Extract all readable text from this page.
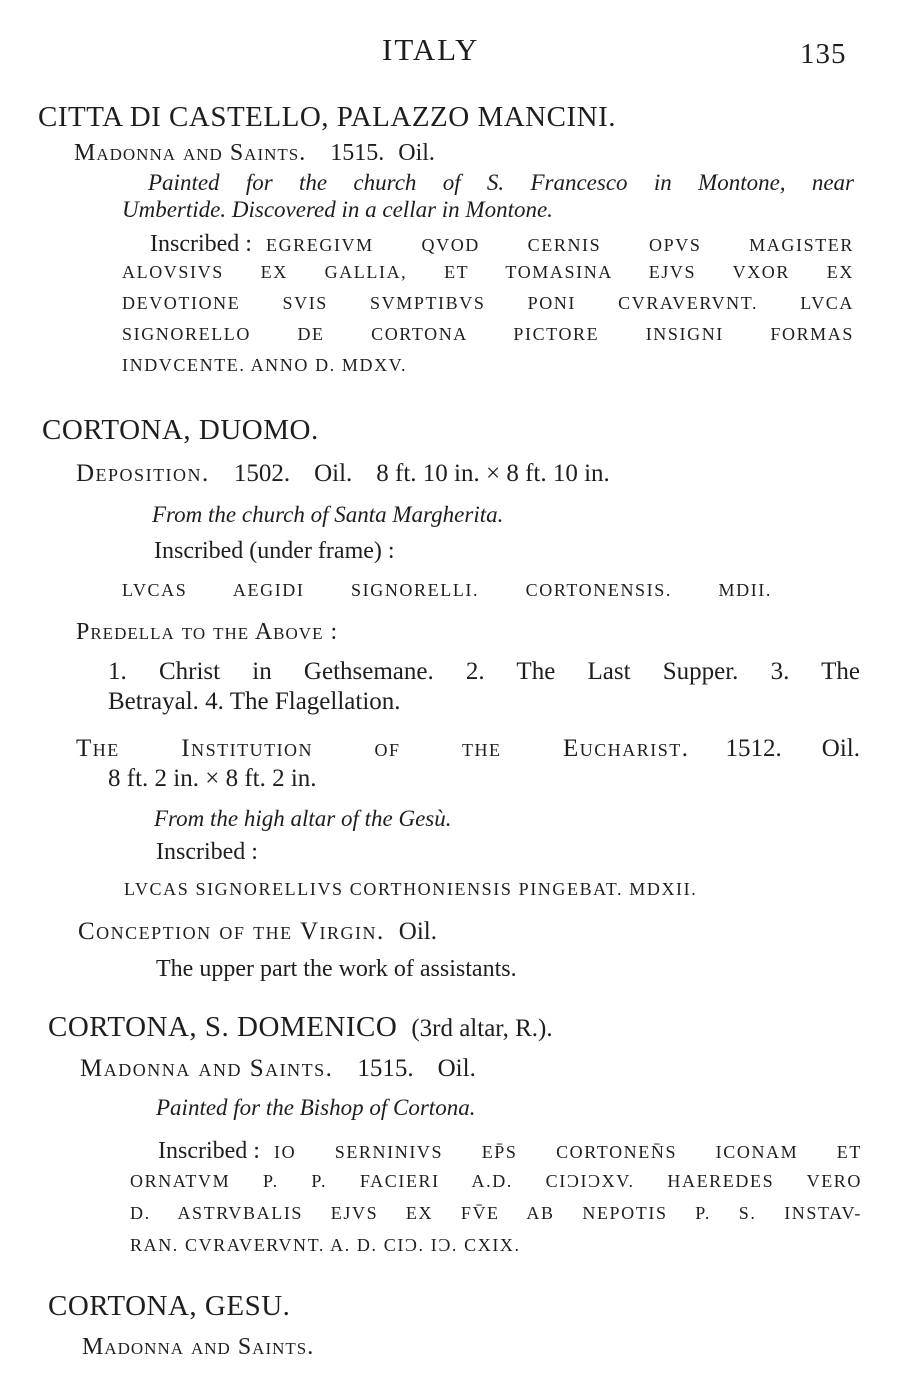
ITALY	135
CITTA DI CASTELLO, PALAZZO MANCINI.
Madonna and Saints. 1515. Oil.
Painted for the church of S. Francesco in Montone, near
Umbertide. Discovered in a cellar in Montone.
Inscribed : EGREGIVM QVOD CERNIS OPVS MAGISTER
ALOVSIVS EX GALLIA, ET TOMASINA EJVS VXOR EX
DEVOTIONE SVIS SVMPTIBVS PONI CVRAVERVNT. LVCA
SIGNORELLO DE CORTONA PICTORE INSIGNI FORMAS
INDVCENTE. ANNO D. MDXV.
CORTONA, DUOMO.
Deposition. 1502. Oil. 8 ft. 10 in. × 8 ft. 10 in.
From the church of Santa Margherita.
Inscribed (under frame) :
LVCAS AEGIDI SIGNORELLI. CORTONENSIS. MDII.
Predella to the Above :
1. Christ in Gethsemane. 2. The Last Supper. 3. The
Betrayal. 4. The Flagellation.
The Institution of the Eucharist. 1512. Oil.
8 ft. 2 in. × 8 ft. 2 in.
From the high altar of the Gesù.
Inscribed :
LVCAS SIGNORELLIVS CORTHONIENSIS PINGEBAT. MDXII.
Conception of the Virgin. Oil.
The upper part the work of assistants.
CORTONA, S. DOMENICO (3rd altar, R.).
Madonna and Saints. 1515. Oil.
Painted for the Bishop of Cortona.
Inscribed : IO SERNINIVS EP̄S CORTONEN̄S ICONAM ET
ORNATVM P. P. FACIERI A.D. CIƆIƆXV. HAEREDES VERO
D. ASTRVBALIS EJVS EX FV̄E AB NEPOTIS P. S. INSTAV-
RAN. CVRAVERVNT. A. D. CIƆ. IƆ. CXIX.
CORTONA, GESU.
Madonna and Saints.
